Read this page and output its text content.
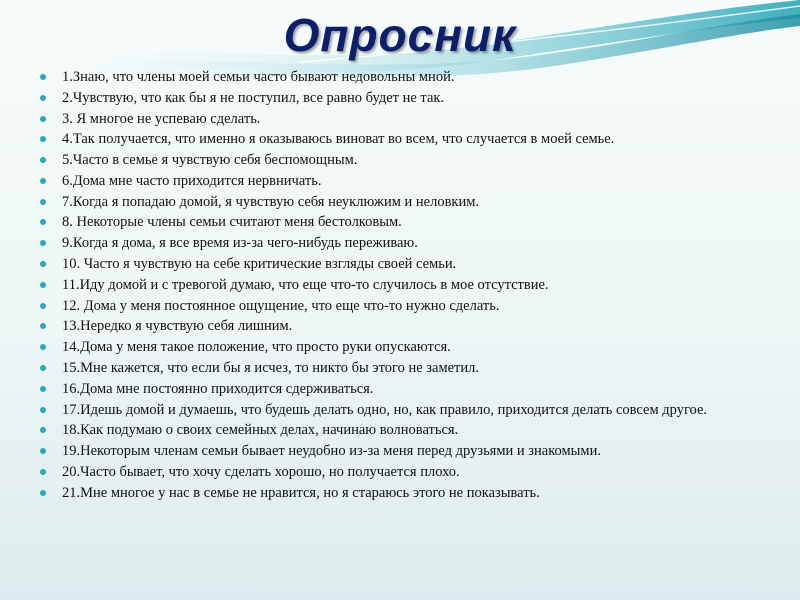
Опросник
1.Знаю, что члены моей семьи часто бывают недовольны мной.
2.Чувствую, что как бы я не поступил, все равно будет не так.
3. Я многое не успеваю сделать.
4.Так получается, что именно я оказываюсь виноват во всем, что случается в моей семье.
5.Часто в семье я чувствую себя беспомощным.
6.Дома мне часто приходится нервничать.
7.Когда я попадаю домой, я чувствую себя неуклюжим и неловким.
8. Некоторые члены семьи считают меня бестолковым.
9.Когда я дома, я все время из-за чего-нибудь переживаю.
10. Часто я чувствую на себе критические взгляды своей семьи.
11.Иду домой и с тревогой думаю, что еще что-то случилось в мое отсутствие.
12. Дома у меня постоянное ощущение, что еще что-то нужно сделать.
13.Нередко я чувствую себя лишним.
14.Дома у меня такое положение, что просто руки опускаются.
15.Мне кажется, что если бы я исчез, то никто бы этого не заметил.
16.Дома мне постоянно приходится сдерживаться.
17.Идешь домой и думаешь, что будешь делать одно, но, как правило, приходится делать совсем другое.
18.Как подумаю о своих семейных делах, начинаю волноваться.
19.Некоторым членам семьи бывает неудобно из-за меня перед друзьями и знакомыми.
20.Часто бывает, что хочу сделать хорошо, но получается плохо.
21.Мне многое у нас в семье не нравится, но я стараюсь этого не показывать.
